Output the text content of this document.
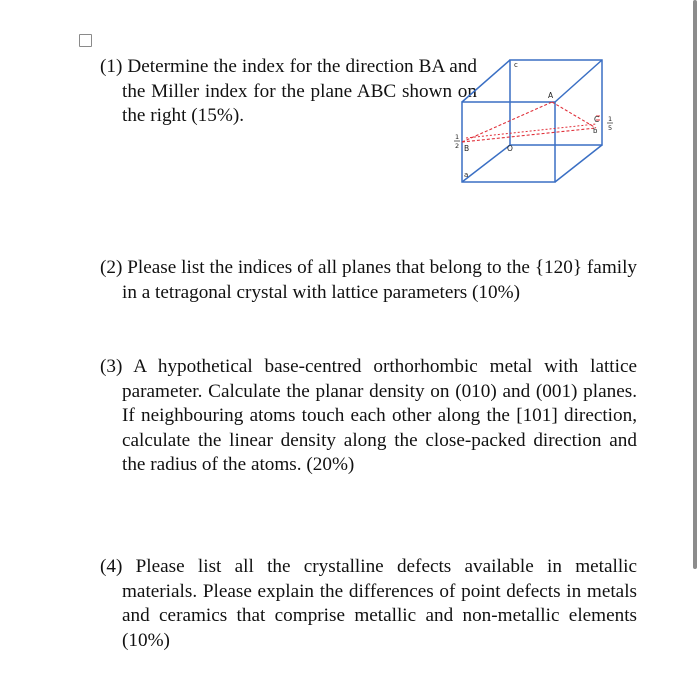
(1) Determine the index for the direction BA and the Miller index for the plane ABC shown on the right (15%).
c
A
C
b
B	O
a
1
2
1
5
(2) Please list the indices of all planes that belong to the {120} family in a tetragonal crystal with lattice parameters (10%)
(3) A hypothetical base-centred orthorhombic metal with lattice parameter. Calculate the planar density on (010) and (001) planes. If neighbouring atoms touch each other along the [101] direction, calculate the linear density along the close-packed direction and the radius of the atoms. (20%)
(4) Please list all the crystalline defects available in metallic materials. Please explain the differences of point defects in metals and ceramics that comprise metallic and non-metallic elements (10%)
